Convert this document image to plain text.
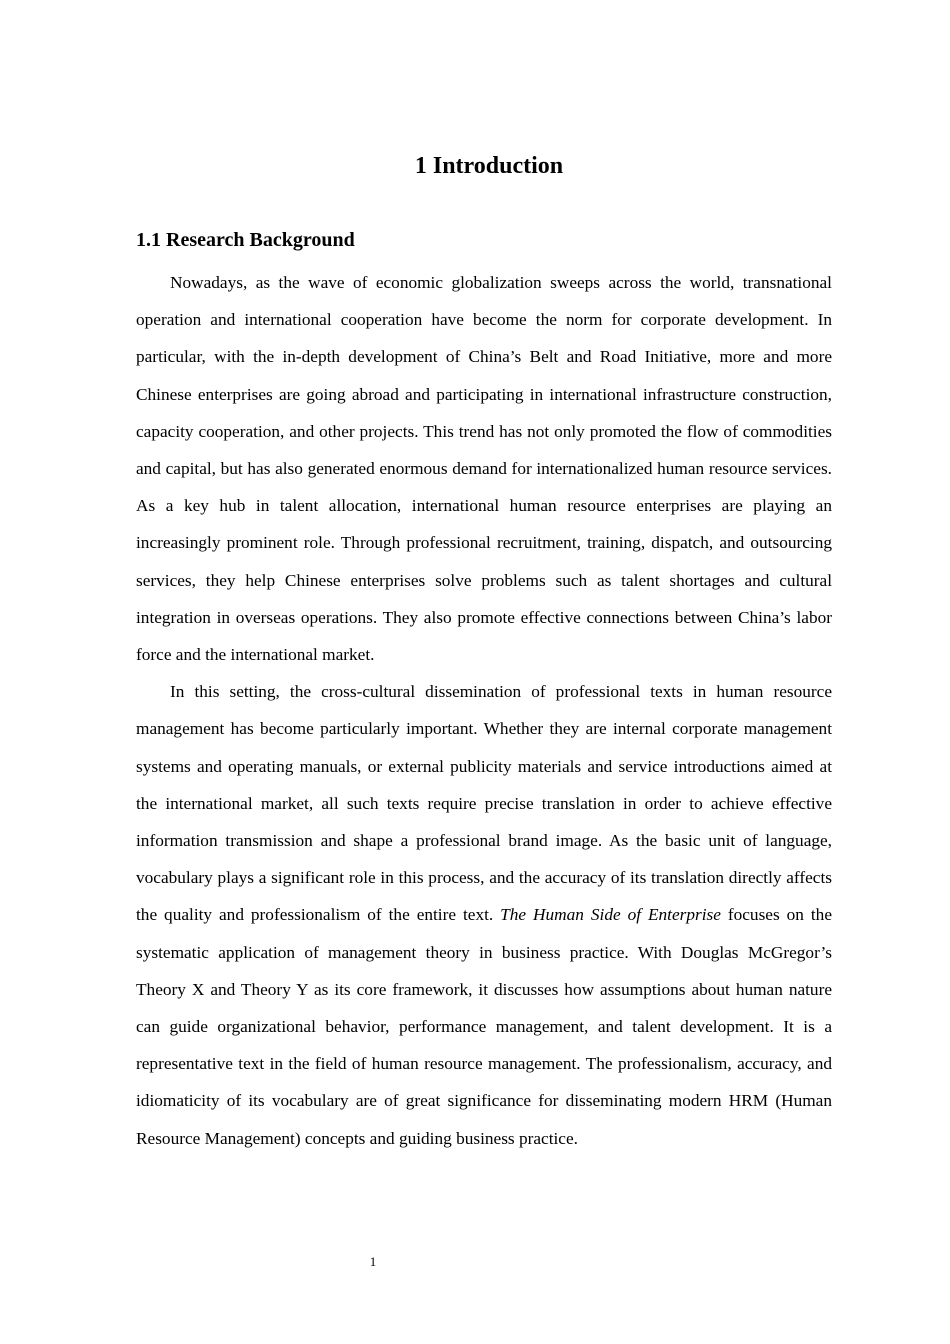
1 Introduction
1.1 Research Background

Nowadays, as the wave of economic globalization sweeps across the world, transnational operation and international cooperation have become the norm for corporate development. In particular, with the in-depth development of China’s Belt and Road Initiative, more and more Chinese enterprises are going abroad and participating in international infrastructure construction, capacity cooperation, and other projects. This trend has not only promoted the flow of commodities and capital, but has also generated enormous demand for internationalized human resource services. As a key hub in talent allocation, international human resource enterprises are playing an increasingly prominent role. Through professional recruitment, training, dispatch, and outsourcing services, they help Chinese enterprises solve problems such as talent shortages and cultural integration in overseas operations. They also promote effective connections between China’s labor force and the international market.

In this setting, the cross-cultural dissemination of professional texts in human resource management has become particularly important. Whether they are internal corporate management systems and operating manuals, or external publicity materials and service introductions aimed at the international market, all such texts require precise translation in order to achieve effective information transmission and shape a professional brand image. As the basic unit of language, vocabulary plays a significant role in this process, and the accuracy of its translation directly affects the quality and professionalism of the entire text. The Human Side of Enterprise focuses on the systematic application of management theory in business practice. With Douglas McGregor’s Theory X and Theory Y as its core framework, it discusses how assumptions about human nature can guide organizational behavior, performance management, and talent development. It is a representative text in the field of human resource management. The professionalism, accuracy, and idiomaticity of its vocabulary are of great significance for disseminating modern HRM (Human Resource Management) concepts and guiding business practice.

1
